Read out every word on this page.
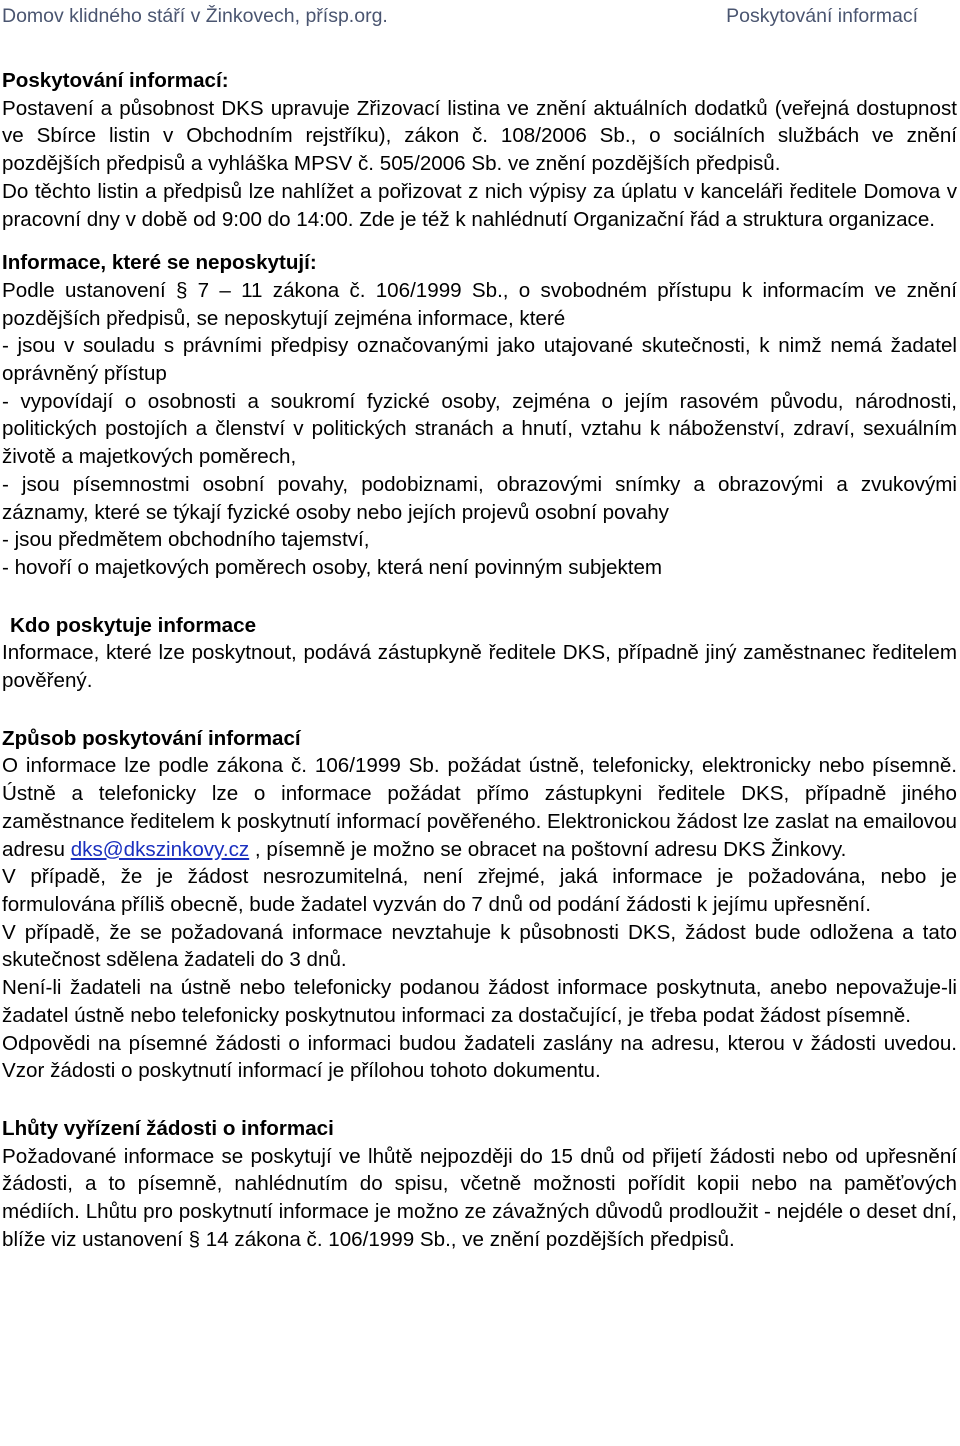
Domov klidného stáří v Žinkovech, přísp.org.	Poskytování informací
Poskytování informací:

Postavení a působnost DKS upravuje Zřizovací listina ve znění aktuálních dodatků (veřejná dostupnost ve Sbírce listin v Obchodním rejstříku), zákon č. 108/2006 Sb., o sociálních službách ve znění pozdějších předpisů a vyhláška MPSV č. 505/2006 Sb. ve znění pozdějších předpisů.

Do těchto listin a předpisů lze nahlížet a pořizovat z nich výpisy za úplatu v kanceláři ředitele Domova v pracovní dny v době od 9:00 do 14:00. Zde je též k nahlédnutí Organizační řád a struktura organizace.

Informace, které se neposkytují:

Podle ustanovení § 7 – 11 zákona č. 106/1999 Sb., o svobodném přístupu k informacím ve znění pozdějších předpisů, se neposkytují zejména informace, které

- jsou v souladu s právními předpisy označovanými jako utajované skutečnosti, k nimž nemá žadatel oprávněný přístup

- vypovídají o osobnosti a soukromí fyzické osoby, zejména o jejím rasovém původu, národnosti, politických postojích a členství v politických stranách a hnutí, vztahu k náboženství, zdraví, sexuálním životě a majetkových poměrech,

- jsou písemnostmi osobní povahy, podobiznami, obrazovými snímky a obrazovými a zvukovými záznamy, které se týkají fyzické osoby nebo jejích projevů osobní povahy

- jsou předmětem obchodního tajemství,

- hovoří o majetkových poměrech osoby, která není povinným subjektem

Kdo poskytuje informace

Informace, které lze poskytnout, podává zástupkyně ředitele DKS, případně jiný zaměstnanec ředitelem pověřený.

Způsob poskytování informací

O informace lze podle zákona č. 106/1999 Sb. požádat ústně, telefonicky, elektronicky nebo písemně. Ústně a telefonicky lze o informace požádat přímo zástupkyni ředitele DKS, případně jiného zaměstnance ředitelem k poskytnutí informací pověřeného. Elektronickou žádost lze zaslat na emailovou adresu dks@dkszinkovy.cz , písemně je možno se obracet na poštovní adresu DKS Žinkovy.

V případě, že je žádost nesrozumitelná, není zřejmé, jaká informace je požadována, nebo je formulována příliš obecně, bude žadatel vyzván do 7 dnů od podání žádosti k jejímu upřesnění.

V případě, že se požadovaná informace nevztahuje k působnosti DKS, žádost bude odložena a tato skutečnost sdělena žadateli do 3 dnů.

Není-li žadateli na ústně nebo telefonicky podanou žádost informace poskytnuta, anebo nepovažuje-li žadatel ústně nebo telefonicky poskytnutou informaci za dostačující, je třeba podat žádost písemně.

Odpovědi na písemné žádosti o informaci budou žadateli zaslány na adresu, kterou v žádosti uvedou. Vzor žádosti o poskytnutí informací je přílohou tohoto dokumentu.

Lhůty vyřízení žádosti o informaci

Požadované informace se poskytují ve lhůtě nejpozději do 15 dnů od přijetí žádosti nebo od upřesnění žádosti, a to písemně, nahlédnutím do spisu, včetně možnosti pořídit kopii nebo na paměťových médiích. Lhůtu pro poskytnutí informace je možno ze závažných důvodů prodloužit - nejdéle o deset dní, blíže viz ustanovení § 14 zákona č. 106/1999 Sb., ve znění pozdějších předpisů.
